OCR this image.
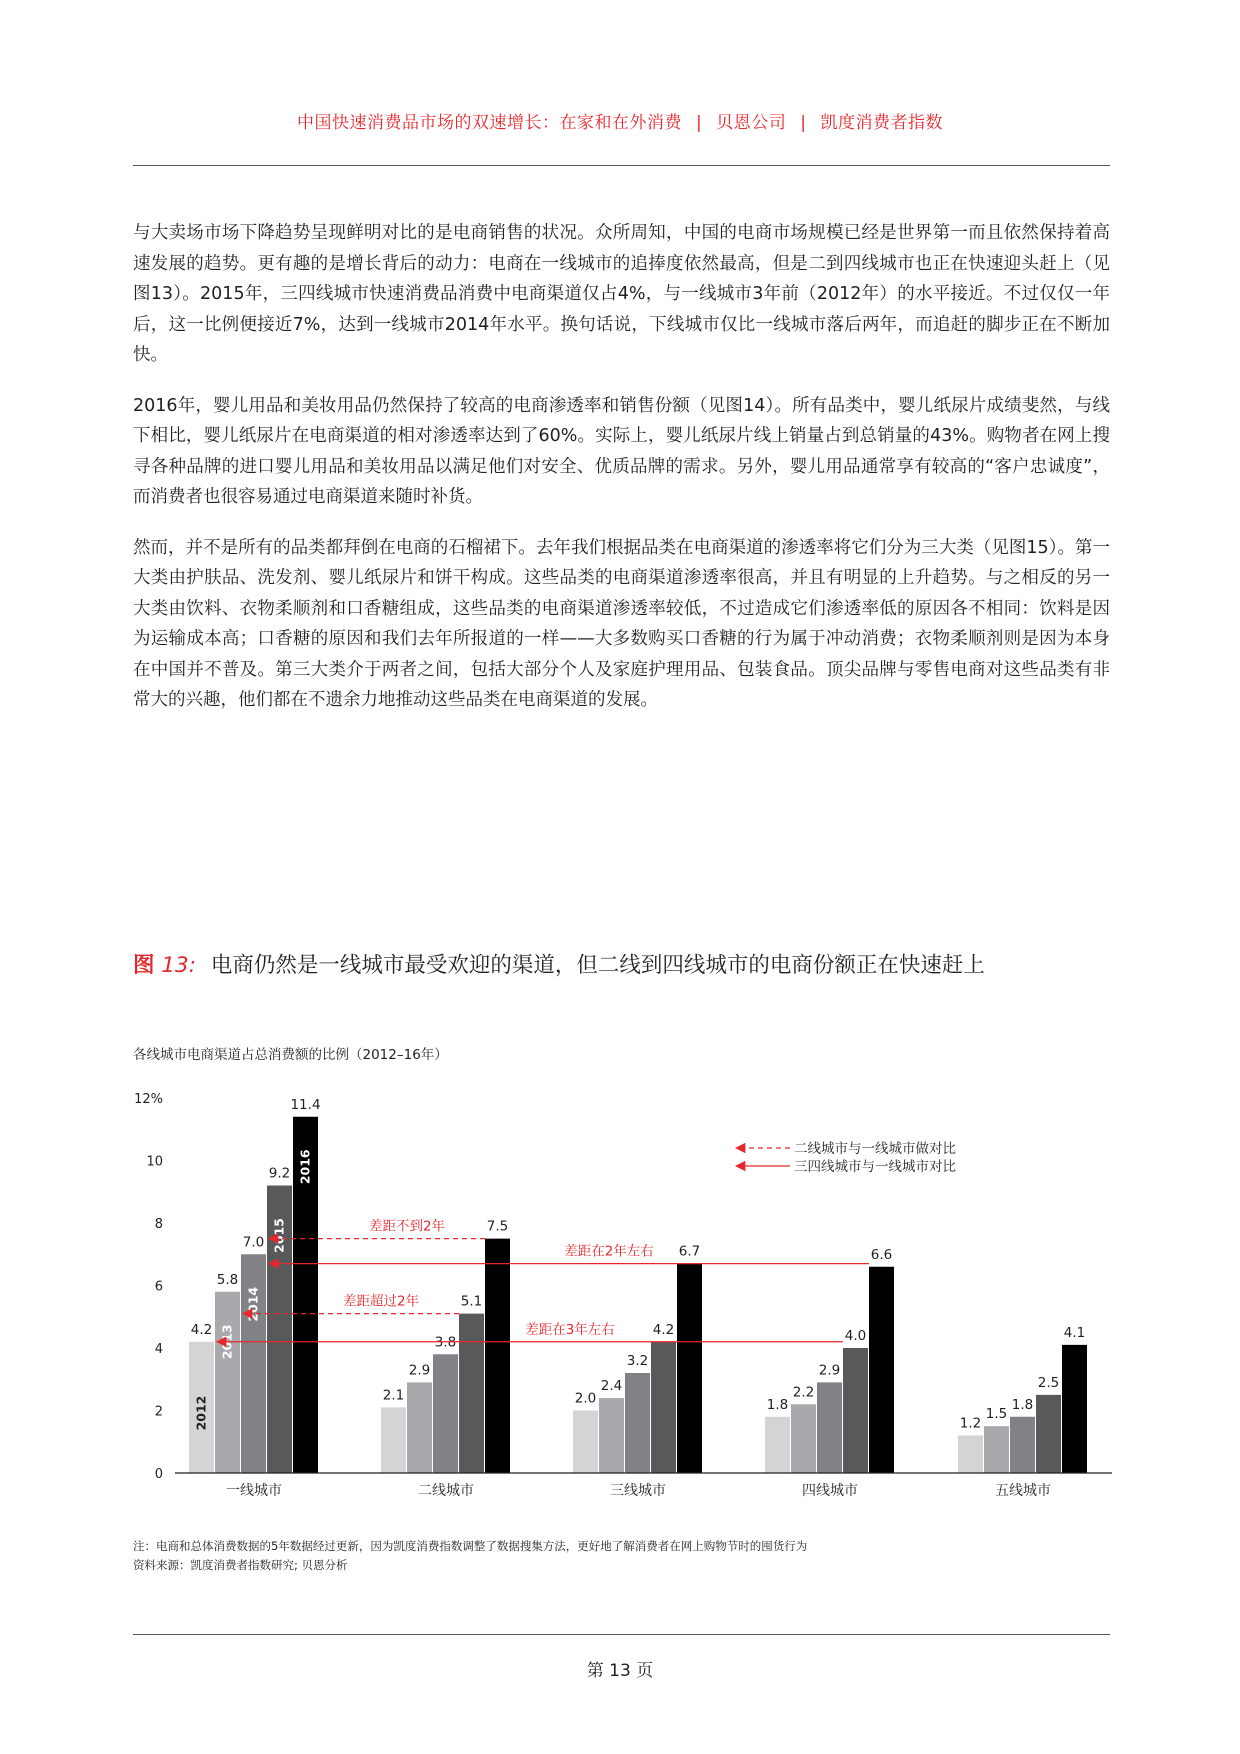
中国快速消费品市场的双速增长：在家和在外消费 | 贝恩公司 | 凯度消费者指数

与大卖场市场下降趋势呈现鲜明对比的是电商销售的状况。众所周知，中国的电商市场规模已经是世界第一而且依然保持着高速发展的趋势。更有趣的是增长背后的动力：电商在一线城市的追捧度依然最高，但是二到四线城市也正在快速迎头赶上（见图13）。2015年，三四线城市快速消费品消费中电商渠道仅占4%，与一线城市3年前（2012年）的水平接近。不过仅仅一年后，这一比例便接近7%，达到一线城市2014年水平。换句话说，下线城市仅比一线城市落后两年，而追赶的脚步正在不断加快。

2016年，婴儿用品和美妆用品仍然保持了较高的电商渗透率和销售份额（见图14）。所有品类中，婴儿纸尿片成绩斐然，与线下相比，婴儿纸尿片在电商渠道的相对渗透率达到了60%。实际上，婴儿纸尿片线上销量占到总销量的43%。购物者在网上搜寻各种品牌的进口婴儿用品和美妆用品以满足他们对安全、优质品牌的需求。另外，婴儿用品通常享有较高的“客户忠诚度”，而消费者也很容易通过电商渠道来随时补货。

然而，并不是所有的品类都拜倒在电商的石榴裙下。去年我们根据品类在电商渠道的渗透率将它们分为三大类（见图15）。第一大类由护肤品、洗发剂、婴儿纸尿片和饼干构成。这些品类的电商渠道渗透率很高，并且有明显的上升趋势。与之相反的另一大类由饮料、衣物柔顺剂和口香糖组成，这些品类的电商渠道渗透率较低，不过造成它们渗透率低的原因各不相同：饮料是因为运输成本高；口香糖的原因和我们去年所报道的一样——大多数购买口香糖的行为属于冲动消费；衣物柔顺剂则是因为本身在中国并不普及。第三大类介于两者之间，包括大部分个人及家庭护理用品、包装食品。顶尖品牌与零售电商对这些品类有非常大的兴趣，他们都在不遗余力地推动这些品类在电商渠道的发展。

图 13: 电商仍然是一线城市最受欢迎的渠道，但二线到四线城市的电商份额正在快速赶上
各线城市电商渠道占总消费额的比例（2012–16年）
0
2
4
6
8
10
12%
4.2
2012
5.8
2013
7.0
2014
9.2
2015
11.4
2016
一线城市
2.1
2.9
3.8
5.1
7.5
二线城市
2.0
2.4
3.2
4.2
6.7
三线城市
1.8
2.2
2.9
4.0
6.6
四线城市
1.2
1.5
1.8
2.5
4.1
五线城市
差距不到2年
差距在2年左右
差距超过2年
差距在3年左右
二线城市与一线城市做对比
三四线城市与一线城市对比
注：电商和总体消费数据的5年数据经过更新，因为凯度消费指数调整了数据搜集方法，更好地了解消费者在网上购物节时的囤货行为
资料来源：凯度消费者指数研究; 贝恩分析
第 13 页
